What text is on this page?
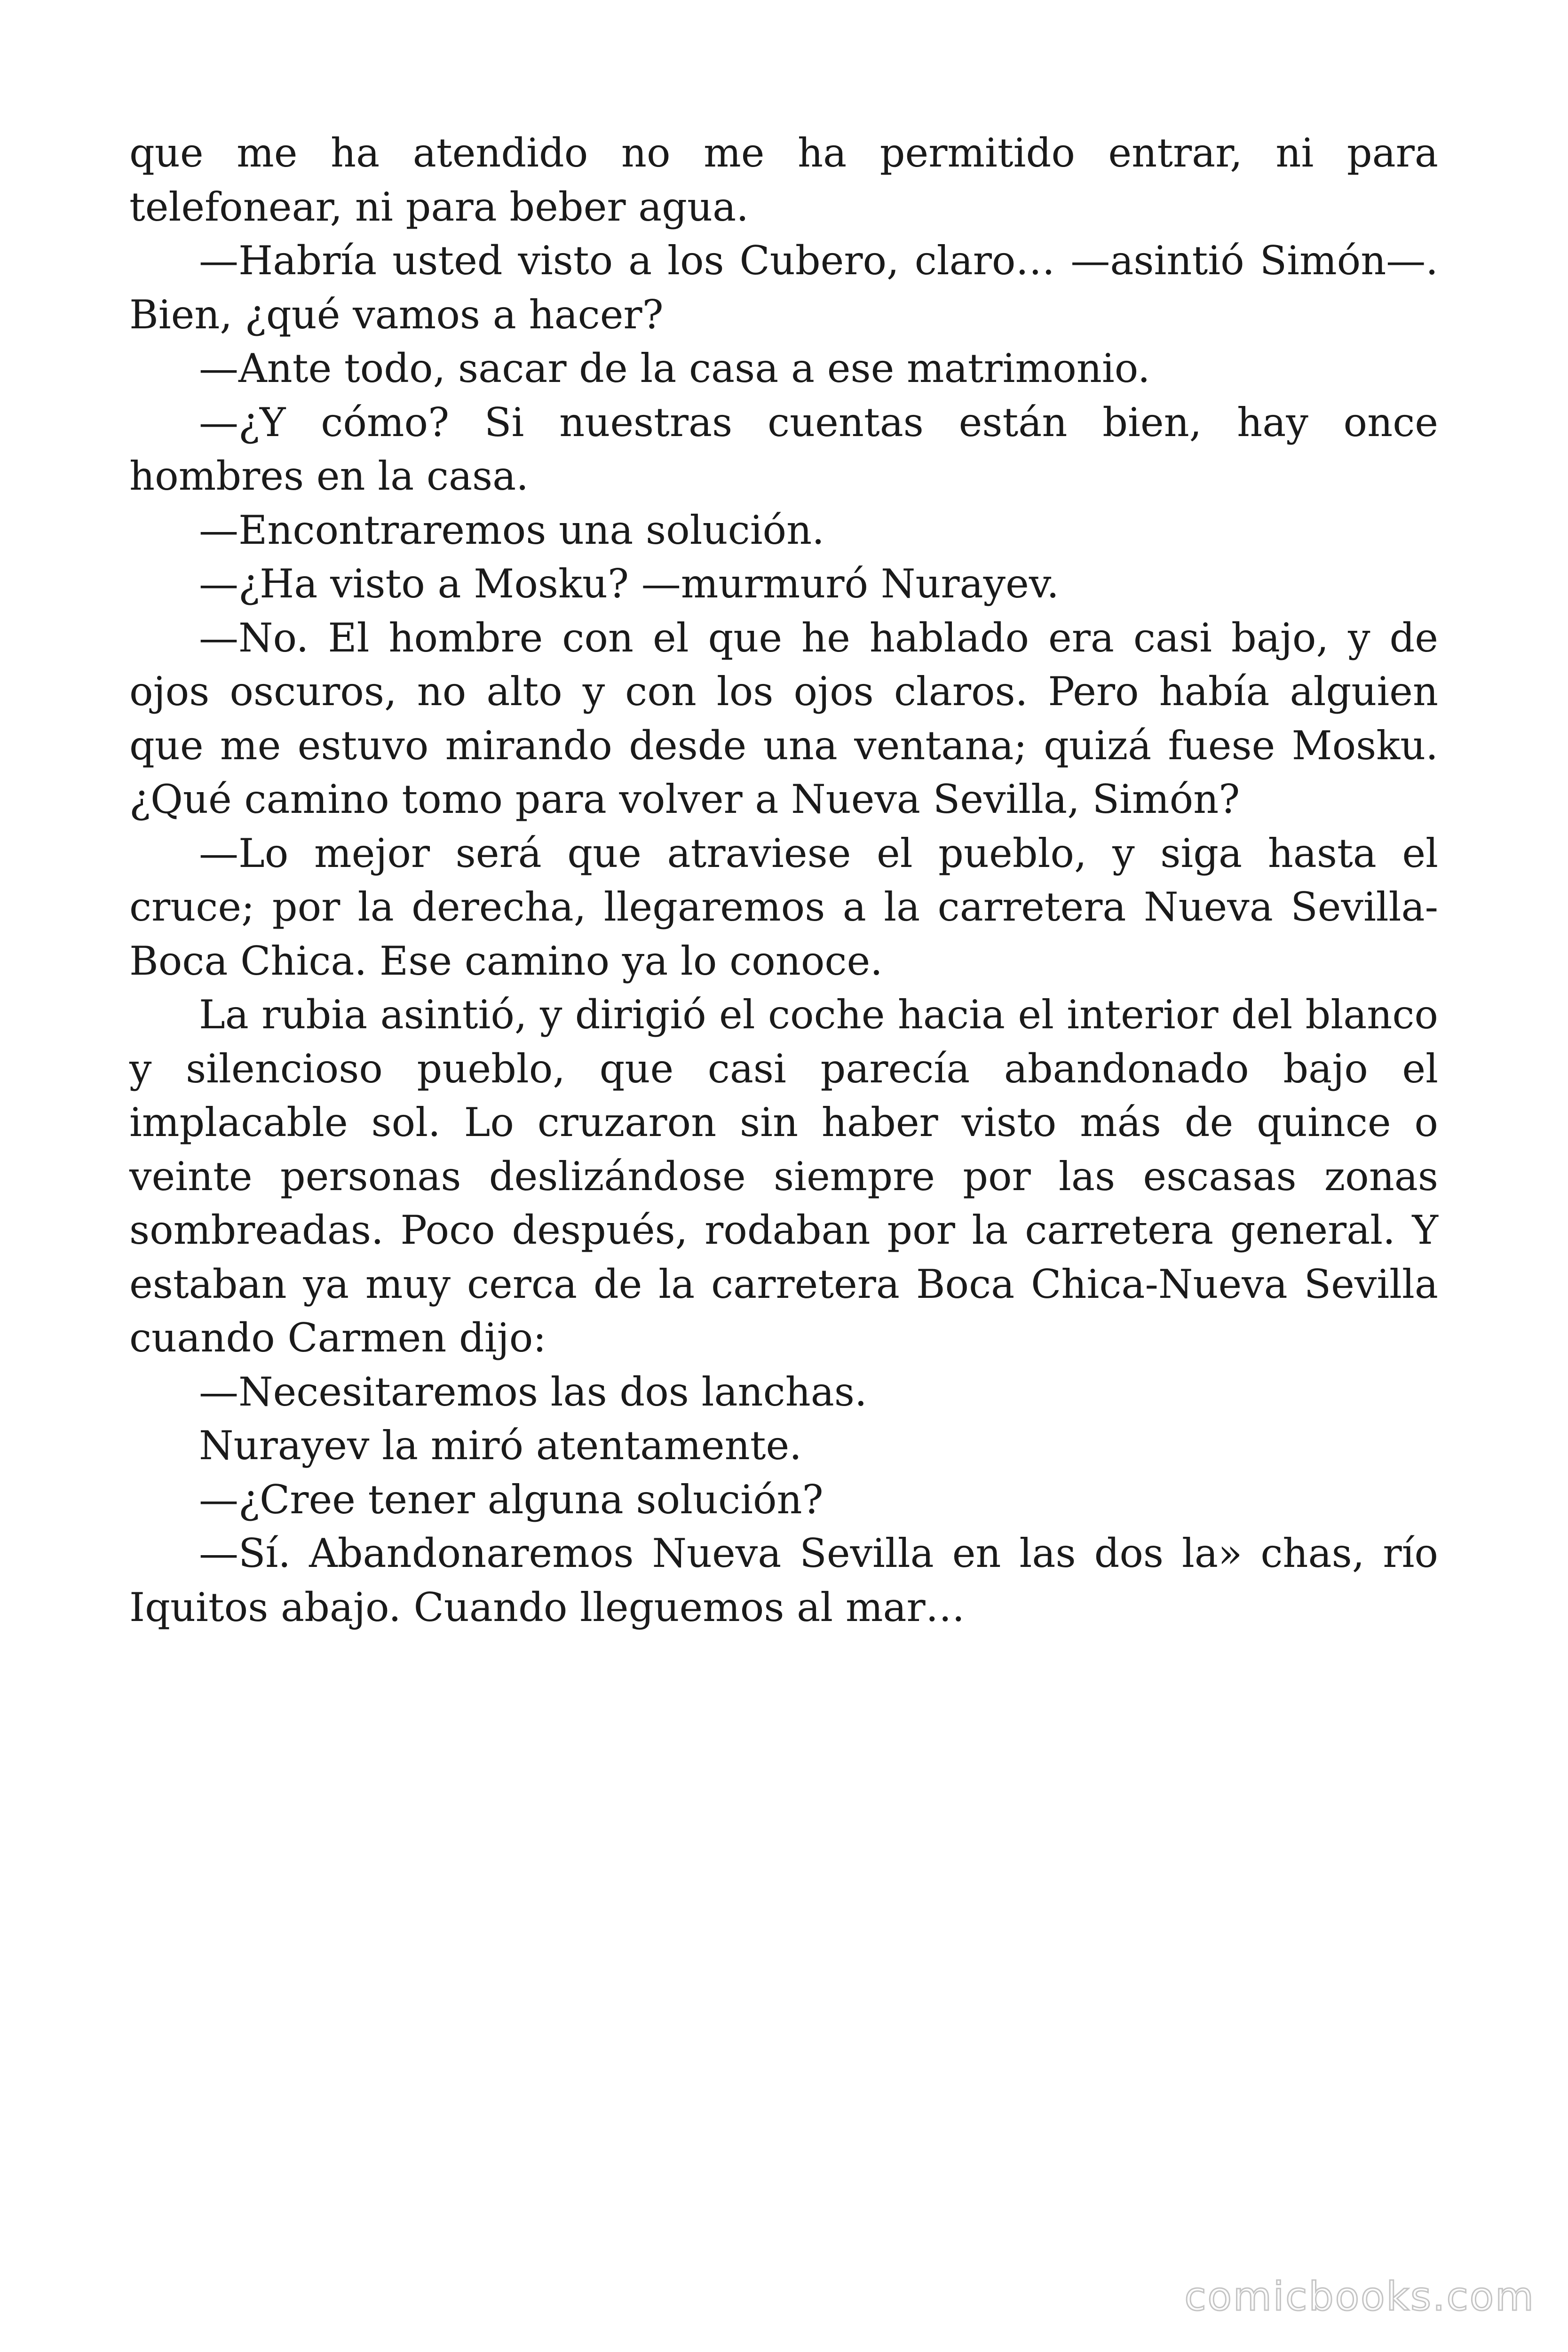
que me ha atendido no me ha permitido entrar, ni para telefonear, ni para beber agua.

—Habría usted visto a los Cubero, claro… —asintió Simón—. Bien, ¿qué vamos a hacer?

—Ante todo, sacar de la casa a ese matrimonio.

—¿Y cómo? Si nuestras cuentas están bien, hay once hombres en la casa.

—Encontraremos una solución.

—¿Ha visto a Mosku? —murmuró Nurayev.

—No. El hombre con el que he hablado era casi bajo, y de ojos oscuros, no alto y con los ojos claros. Pero había alguien que me estuvo mirando desde una ventana; quizá fuese Mosku. ¿Qué camino tomo para volver a Nueva Sevilla, Simón?

—Lo mejor será que atraviese el pueblo, y siga hasta el cruce; por la derecha, llegaremos a la carretera Nueva Sevilla-Boca Chica. Ese camino ya lo conoce.

La rubia asintió, y dirigió el coche hacia el interior del blanco y silencioso pueblo, que casi parecía abandonado bajo el implacable sol. Lo cruzaron sin haber visto más de quince o veinte personas deslizándose siempre por las escasas zonas sombreadas. Poco después, rodaban por la carretera general. Y estaban ya muy cerca de la carretera Boca Chica-Nueva Sevilla cuando Carmen dijo:

—Necesitaremos las dos lanchas.

Nurayev la miró atentamente.

—¿Cree tener alguna solución?

—Sí. Abandonaremos Nueva Sevilla en las dos la» chas, río Iquitos abajo. Cuando lleguemos al mar…

comicbooks.com
